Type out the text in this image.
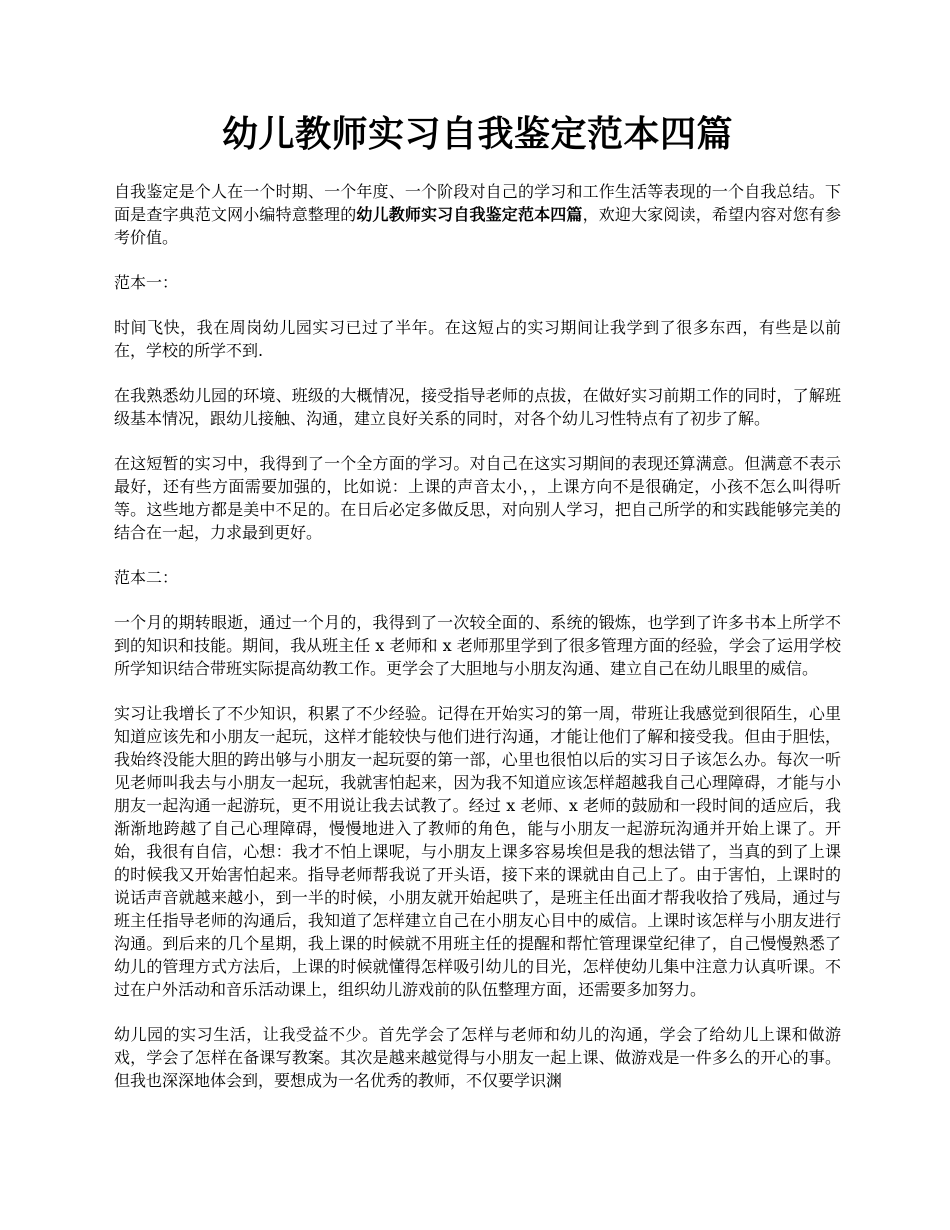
幼儿教师实习自我鉴定范本四篇

自我鉴定是个人在一个时期、一个年度、一个阶段对自己的学习和工作生活等表现的一个自我总结。下面是查字典范文网小编特意整理的幼儿教师实习自我鉴定范本四篇，欢迎大家阅读，希望内容对您有参考价值。

范本一：

时间飞快，我在周岗幼儿园实习已过了半年。在这短占的实习期间让我学到了很多东西，有些是以前在，学校的所学不到.

在我熟悉幼儿园的环境、班级的大概情况，接受指导老师的点拔，在做好实习前期工作的同时，了解班级基本情况，跟幼儿接触、沟通，建立良好关系的同时，对各个幼儿习性特点有了初步了解。

在这短暂的实习中，我得到了一个全方面的学习。对自己在这实习期间的表现还算满意。但满意不表示最好，还有些方面需要加强的，比如说：上课的声音太小，，上课方向不是很确定，小孩不怎么叫得听等。这些地方都是美中不足的。在日后必定多做反思，对向别人学习，把自己所学的和实践能够完美的结合在一起，力求最到更好。

范本二：

一个月的期转眼逝，通过一个月的，我得到了一次较全面的、系统的锻炼，也学到了许多书本上所学不到的知识和技能。期间，我从班主任 x 老师和 x 老师那里学到了很多管理方面的经验，学会了运用学校所学知识结合带班实际提高幼教工作。更学会了大胆地与小朋友沟通、建立自己在幼儿眼里的威信。

实习让我增长了不少知识，积累了不少经验。记得在开始实习的第一周，带班让我感觉到很陌生，心里知道应该先和小朋友一起玩，这样才能较快与他们进行沟通，才能让他们了解和接受我。但由于胆怯，我始终没能大胆的跨出够与小朋友一起玩耍的第一部，心里也很怕以后的实习日子该怎么办。每次一听见老师叫我去与小朋友一起玩，我就害怕起来，因为我不知道应该怎样超越我自己心理障碍，才能与小朋友一起沟通一起游玩，更不用说让我去试教了。经过 x 老师、x 老师的鼓励和一段时间的适应后，我渐渐地跨越了自己心理障碍，慢慢地进入了教师的角色，能与小朋友一起游玩沟通并开始上课了。开始，我很有自信，心想：我才不怕上课呢，与小朋友上课多容易埃但是我的想法错了，当真的到了上课的时候我又开始害怕起来。指导老师帮我说了开头语，接下来的课就由自己上了。由于害怕，上课时的说话声音就越来越小，到一半的时候，小朋友就开始起哄了，是班主任出面才帮我收拾了残局，通过与班主任指导老师的沟通后，我知道了怎样建立自己在小朋友心目中的威信。上课时该怎样与小朋友进行沟通。到后来的几个星期，我上课的时候就不用班主任的提醒和帮忙管理课堂纪律了，自己慢慢熟悉了幼儿的管理方式方法后，上课的时候就懂得怎样吸引幼儿的目光，怎样使幼儿集中注意力认真听课。不过在户外活动和音乐活动课上，组织幼儿游戏前的队伍整理方面，还需要多加努力。

幼儿园的实习生活，让我受益不少。首先学会了怎样与老师和幼儿的沟通，学会了给幼儿上课和做游戏，学会了怎样在备课写教案。其次是越来越觉得与小朋友一起上课、做游戏是一件多么的开心的事。但我也深深地体会到，要想成为一名优秀的教师，不仅要学识渊
